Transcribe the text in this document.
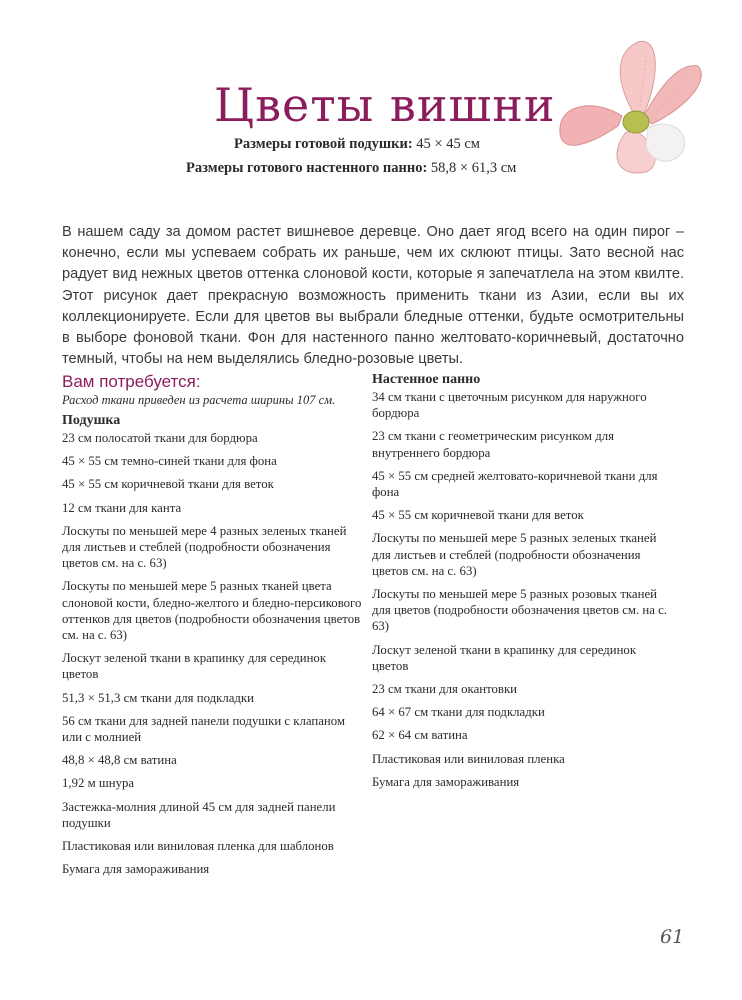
Цветы вишни
Размеры готовой подушки: 45 × 45 см
Размеры готового настенного панно: 58,8 × 61,3 см
В нашем саду за домом растет вишневое деревце. Оно дает ягод всего на один пирог – конечно, если мы успеваем собрать их раньше, чем их склюют птицы. Зато весной нас радует вид нежных цветов оттенка слоновой кости, которые я запечатлела на этом квилте. Этот рисунок дает прекрасную возможность применить ткани из Азии, если вы их коллекционируете. Если для цветов вы выбрали бледные оттенки, будьте осмотрительны в выборе фоновой ткани. Фон для настенного панно желтовато-коричневый, достаточно темный, чтобы на нем выделялись бледно-розовые цветы.
Вам потребуется:
Расход ткани приведен из расчета ширины 107 см.
Подушка
23 см полосатой ткани для бордюра
45 × 55 см темно-синей ткани для фона
45 × 55 см коричневой ткани для веток
12 см ткани для канта
Лоскуты по меньшей мере 4 разных зеленых тканей для листьев и стеблей (подробности обозначения цветов см. на с. 63)
Лоскуты по меньшей мере 5 разных тканей цвета слоновой кости, бледно-желтого и бледно-персикового оттенков для цветов (подробности обозначения цветов см. на с. 63)
Лоскут зеленой ткани в крапинку для серединок цветов
51,3 × 51,3 см ткани для подкладки
56 см ткани для задней панели подушки с клапаном или с молнией
48,8 × 48,8 см ватина
1,92 м шнура
Застежка-молния длиной 45 см для задней панели подушки
Пластиковая или виниловая пленка для шаблонов
Бумага для замораживания
Настенное панно
34 см ткани с цветочным рисунком для наружного бордюра
23 см ткани с геометрическим рисунком для внутреннего бордюра
45 × 55 см средней желтовато-коричневой ткани для фона
45 × 55 см коричневой ткани для веток
Лоскуты по меньшей мере 5 разных зеленых тканей для листьев и стеблей (подробности обозначения цветов см. на с. 63)
Лоскуты по меньшей мере 5 разных розовых тканей для цветов (подробности обозначения цветов см. на с. 63)
Лоскут зеленой ткани в крапинку для серединок цветов
23 см ткани для окантовки
64 × 67 см ткани для подкладки
62 × 64 см ватина
Пластиковая или виниловая пленка
Бумага для замораживания
61
